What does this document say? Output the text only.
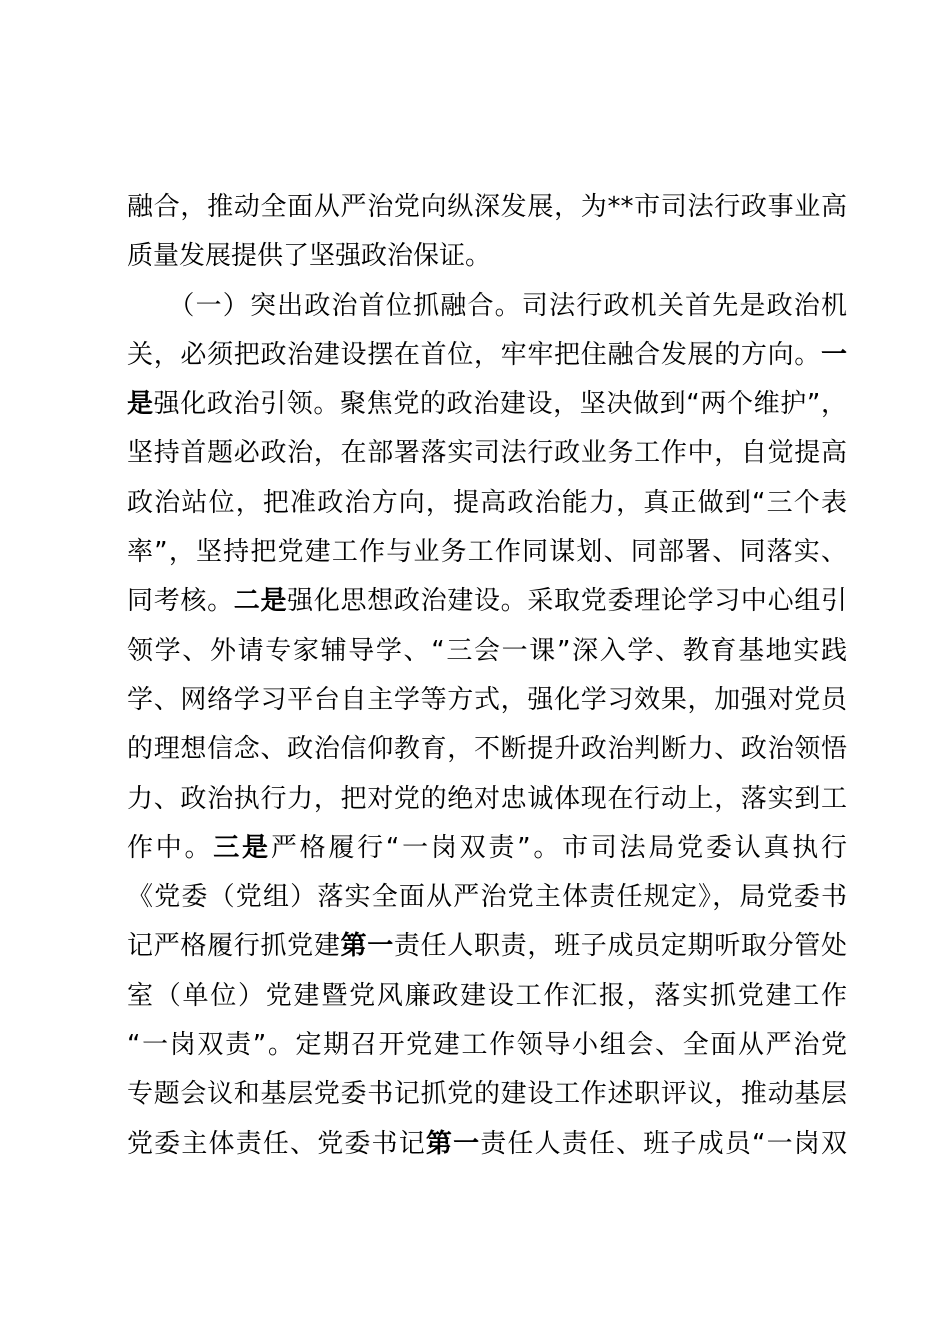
融合，推动全面从严治党向纵深发展，为**市司法行政事业高
质量发展提供了坚强政治保证。
　　（一）突出政治首位抓融合。司法行政机关首先是政治机
关，必须把政治建设摆在首位，牢牢把住融合发展的方向。一
是强化政治引领。聚焦党的政治建设，坚决做到“两个维护”，
坚持首题必政治，在部署落实司法行政业务工作中，自觉提高
政治站位，把准政治方向，提高政治能力，真正做到“三个表
率”，坚持把党建工作与业务工作同谋划、同部署、同落实、
同考核。二是强化思想政治建设。采取党委理论学习中心组引
领学、外请专家辅导学、“三会一课”深入学、教育基地实践
学、网络学习平台自主学等方式，强化学习效果，加强对党员
的理想信念、政治信仰教育，不断提升政治判断力、政治领悟
力、政治执行力，把对党的绝对忠诚体现在行动上，落实到工
作中。三是严格履行“一岗双责”。市司法局党委认真执行
《党委（党组）落实全面从严治党主体责任规定》，局党委书
记严格履行抓党建第一责任人职责，班子成员定期听取分管处
室（单位）党建暨党风廉政建设工作汇报，落实抓党建工作
“一岗双责”。定期召开党建工作领导小组会、全面从严治党
专题会议和基层党委书记抓党的建设工作述职评议，推动基层
党委主体责任、党委书记第一责任人责任、班子成员“一岗双
